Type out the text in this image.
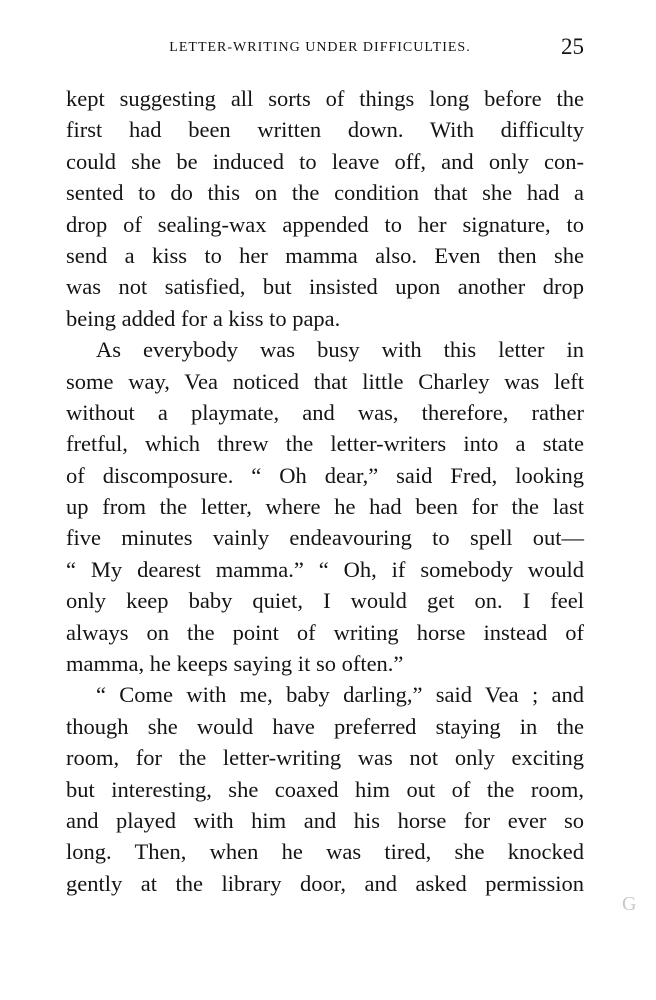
LETTER-WRITING UNDER DIFFICULTIES.	25
kept suggesting all sorts of things long before the
first had been written down. With difficulty
could she be induced to leave off, and only con-
sented to do this on the condition that she had a
drop of sealing-wax appended to her signature, to
send a kiss to her mamma also. Even then she
was not satisfied, but insisted upon another drop
being added for a kiss to papa.
As everybody was busy with this letter in
some way, Vea noticed that little Charley was left
without a playmate, and was, therefore, rather
fretful, which threw the letter-writers into a state
of discomposure. “ Oh dear,” said Fred, looking
up from the letter, where he had been for the last
five minutes vainly endeavouring to spell out—
“ My dearest mamma.” “ Oh, if somebody would
only keep baby quiet, I would get on. I feel
always on the point of writing horse instead of
mamma, he keeps saying it so often.”
“ Come with me, baby darling,” said Vea ; and
though she would have preferred staying in the
room, for the letter-writing was not only exciting
but interesting, she coaxed him out of the room,
and played with him and his horse for ever so
long. Then, when he was tired, she knocked
gently at the library door, and asked permission
G
